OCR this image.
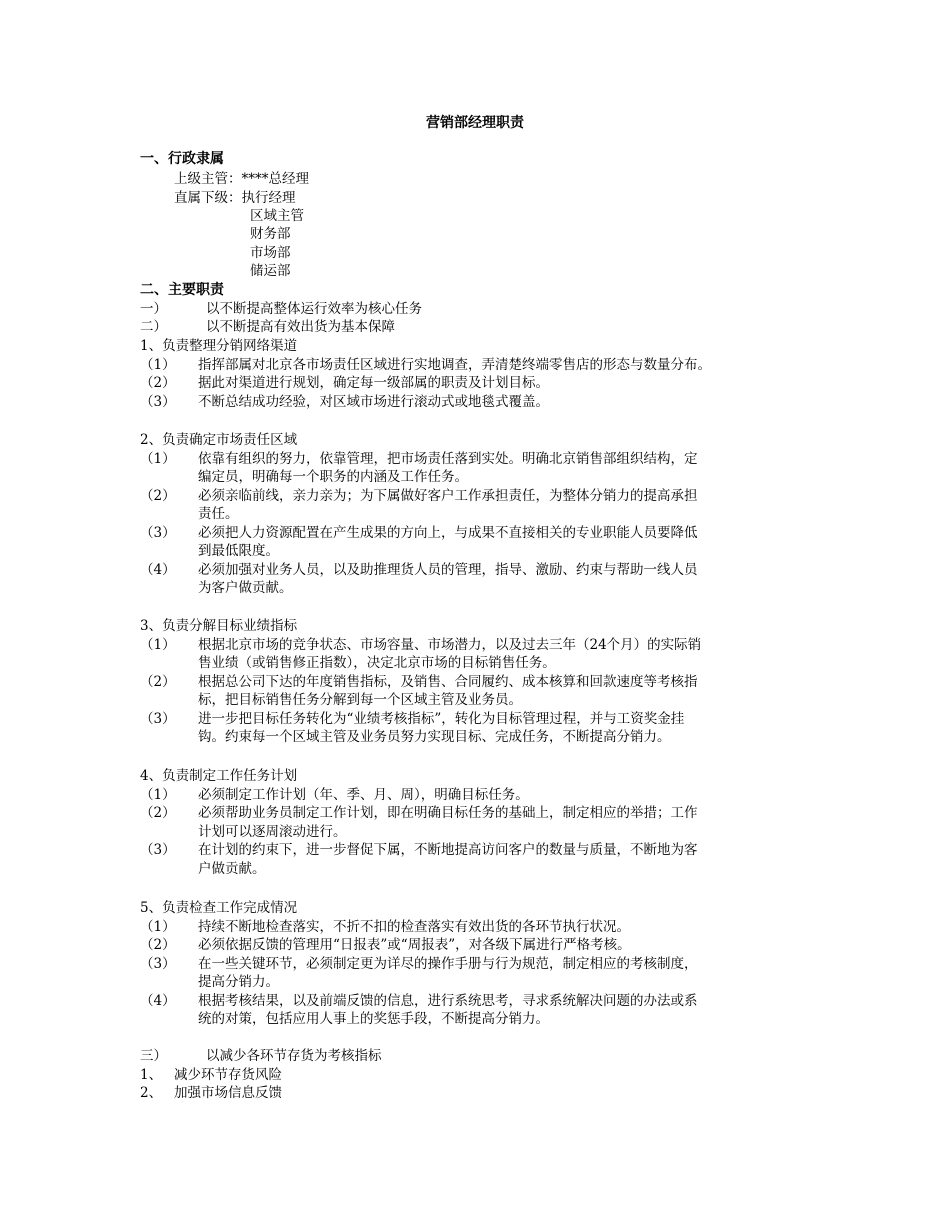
营销部经理职责
一、行政隶属
上级主管：****总经理
直属下级：执行经理
区域主管
财务部
市场部
储运部
二、主要职责
一）	以不断提高整体运行效率为核心任务
二）	以不断提高有效出货为基本保障
1、负责整理分销网络渠道
（1） 指挥部属对北京各市场责任区域进行实地调查，弄清楚终端零售店的形态与数量分布。
（2） 据此对渠道进行规划，确定每一级部属的职责及计划目标。
（3） 不断总结成功经验，对区域市场进行滚动式或地毯式覆盖。
2、负责确定市场责任区域
（1） 依靠有组织的努力，依靠管理，把市场责任落到实处。明确北京销售部组织结构，定
编定员，明确每一个职务的内涵及工作任务。
（2） 必须亲临前线，亲力亲为；为下属做好客户工作承担责任，为整体分销力的提高承担
责任。
（3） 必须把人力资源配置在产生成果的方向上，与成果不直接相关的专业职能人员要降低
到最低限度。
（4） 必须加强对业务人员，以及助推理货人员的管理，指导、激励、约束与帮助一线人员
为客户做贡献。
3、负责分解目标业绩指标
（1） 根据北京市场的竞争状态、市场容量、市场潜力，以及过去三年（24个月）的实际销
售业绩（或销售修正指数），决定北京市场的目标销售任务。
（2） 根据总公司下达的年度销售指标，及销售、合同履约、成本核算和回款速度等考核指
标，把目标销售任务分解到每一个区域主管及业务员。
（3） 进一步把目标任务转化为“业绩考核指标”，转化为目标管理过程，并与工资奖金挂
钩。约束每一个区域主管及业务员努力实现目标、完成任务，不断提高分销力。
4、负责制定工作任务计划
（1） 必须制定工作计划（年、季、月、周），明确目标任务。
（2） 必须帮助业务员制定工作计划，即在明确目标任务的基础上，制定相应的举措；工作
计划可以逐周滚动进行。
（3） 在计划的约束下，进一步督促下属，不断地提高访问客户的数量与质量，不断地为客
户做贡献。
5、负责检查工作完成情况
（1） 持续不断地检查落实，不折不扣的检查落实有效出货的各环节执行状况。
（2） 必须依据反馈的管理用“日报表”或“周报表”，对各级下属进行严格考核。
（3） 在一些关键环节，必须制定更为详尽的操作手册与行为规范，制定相应的考核制度，
提高分销力。
（4） 根据考核结果，以及前端反馈的信息，进行系统思考，寻求系统解决问题的办法或系
统的对策，包括应用人事上的奖惩手段，不断提高分销力。
三）	以减少各环节存货为考核指标
1、 减少环节存货风险
2、 加强市场信息反馈
